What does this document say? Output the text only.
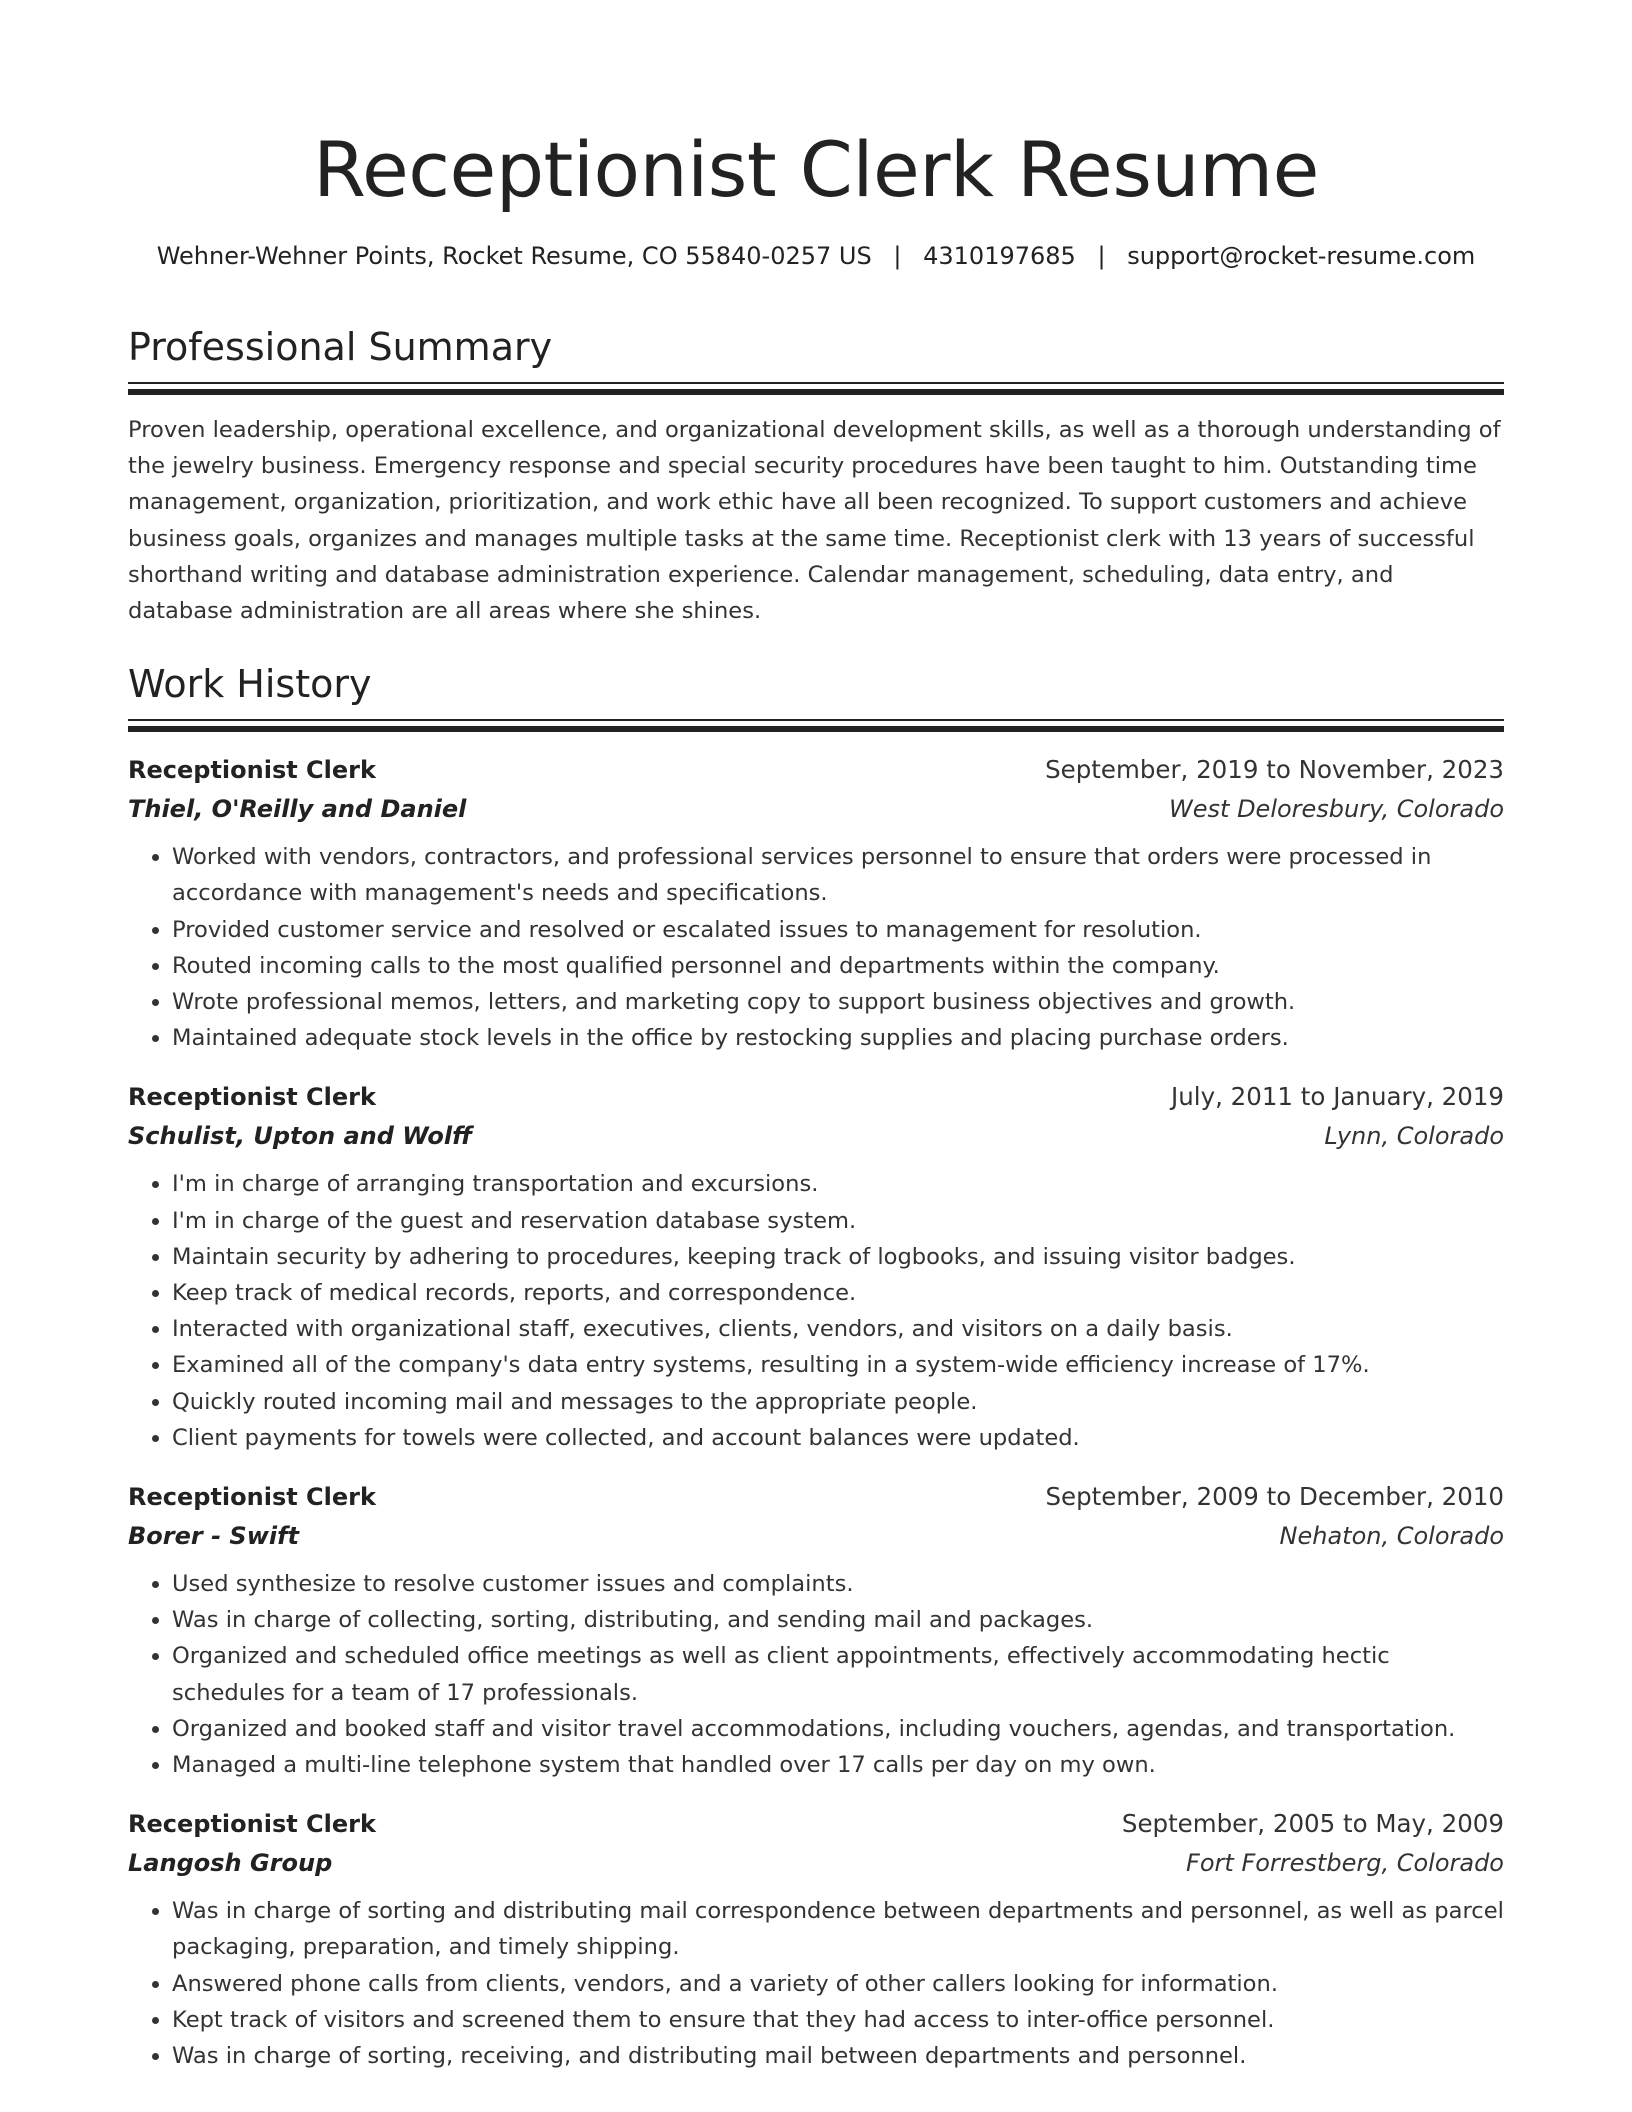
Receptionist Clerk Resume
Wehner-Wehner Points, Rocket Resume, CO 55840-0257 US | 4310197685 | support@rocket-resume.com
Professional Summary

Proven leadership, operational excellence, and organizational development skills, as well as a thorough understanding of the jewelry business. Emergency response and special security procedures have been taught to him. Outstanding time management, organization, prioritization, and work ethic have all been recognized. To support customers and achieve business goals, organizes and manages multiple tasks at the same time. Receptionist clerk with 13 years of successful shorthand writing and database administration experience. Calendar management, scheduling, data entry, and database administration are all areas where she shines.

Work History
Receptionist Clerk	September, 2019 to November, 2023
Thiel, O'Reilly and Daniel	West Deloresbury, Colorado
• Worked with vendors, contractors, and professional services personnel to ensure that orders were processed in accordance with management's needs and specifications.
• Provided customer service and resolved or escalated issues to management for resolution.
• Routed incoming calls to the most qualified personnel and departments within the company.
• Wrote professional memos, letters, and marketing copy to support business objectives and growth.
• Maintained adequate stock levels in the office by restocking supplies and placing purchase orders.
Receptionist Clerk	July, 2011 to January, 2019
Schulist, Upton and Wolff	Lynn, Colorado
• I'm in charge of arranging transportation and excursions.
• I'm in charge of the guest and reservation database system.
• Maintain security by adhering to procedures, keeping track of logbooks, and issuing visitor badges.
• Keep track of medical records, reports, and correspondence.
• Interacted with organizational staff, executives, clients, vendors, and visitors on a daily basis.
• Examined all of the company's data entry systems, resulting in a system-wide efficiency increase of 17%.
• Quickly routed incoming mail and messages to the appropriate people.
• Client payments for towels were collected, and account balances were updated.
Receptionist Clerk	September, 2009 to December, 2010
Borer - Swift	Nehaton, Colorado
• Used synthesize to resolve customer issues and complaints.
• Was in charge of collecting, sorting, distributing, and sending mail and packages.
• Organized and scheduled office meetings as well as client appointments, effectively accommodating hectic schedules for a team of 17 professionals.
• Organized and booked staff and visitor travel accommodations, including vouchers, agendas, and transportation.
• Managed a multi-line telephone system that handled over 17 calls per day on my own.
Receptionist Clerk	September, 2005 to May, 2009
Langosh Group	Fort Forrestberg, Colorado
• Was in charge of sorting and distributing mail correspondence between departments and personnel, as well as parcel packaging, preparation, and timely shipping.
• Answered phone calls from clients, vendors, and a variety of other callers looking for information.
• Kept track of visitors and screened them to ensure that they had access to inter-office personnel.
• Was in charge of sorting, receiving, and distributing mail between departments and personnel.
